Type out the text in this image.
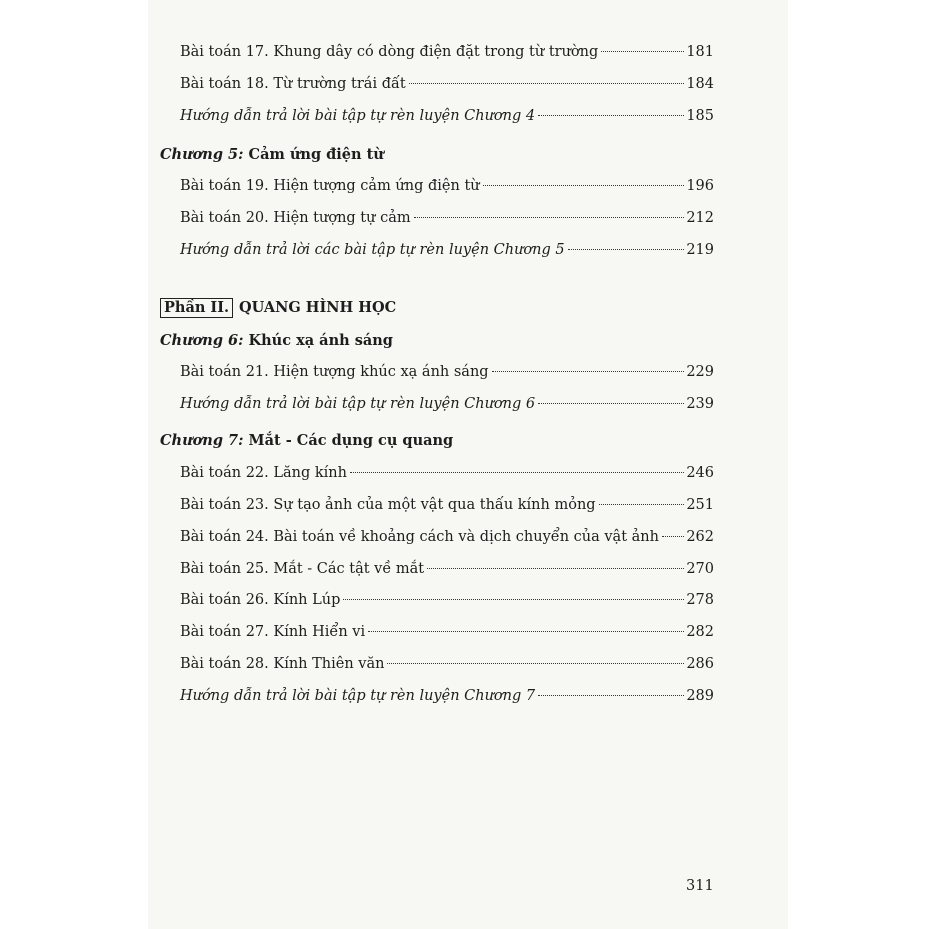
Bài toán 17. Khung dây có dòng điện đặt trong từ trường	181
Bài toán 18. Từ trường trái đất	184
Hướng dẫn trả lời bài tập tự rèn luyện Chương 4	185
Chương 5:
Cảm ứng điện từ
Bài toán 19. Hiện tượng cảm ứng điện từ	196
Bài toán 20. Hiện tượng tự cảm	212
Hướng dẫn trả lời các bài tập tự rèn luyện Chương 5	219
Phần II. QUANG HÌNH HỌC
Chương 6:
Khúc xạ ánh sáng
Bài toán 21. Hiện tượng khúc xạ ánh sáng	229
Hướng dẫn trả lời bài tập tự rèn luyện Chương 6	239
Chương 7:
Mắt - Các dụng cụ quang
Bài toán 22. Lăng kính	246
Bài toán 23. Sự tạo ảnh của một vật qua thấu kính mỏng	251
Bài toán 24. Bài toán về khoảng cách và dịch chuyển của vật ảnh 262
Bài toán 25. Mắt - Các tật về mắt	270
Bài toán 26. Kính Lúp	278
Bài toán 27. Kính Hiển vi	282
Bài toán 28. Kính Thiên văn	286
Hướng dẫn trả lời bài tập tự rèn luyện Chương 7	289
311
